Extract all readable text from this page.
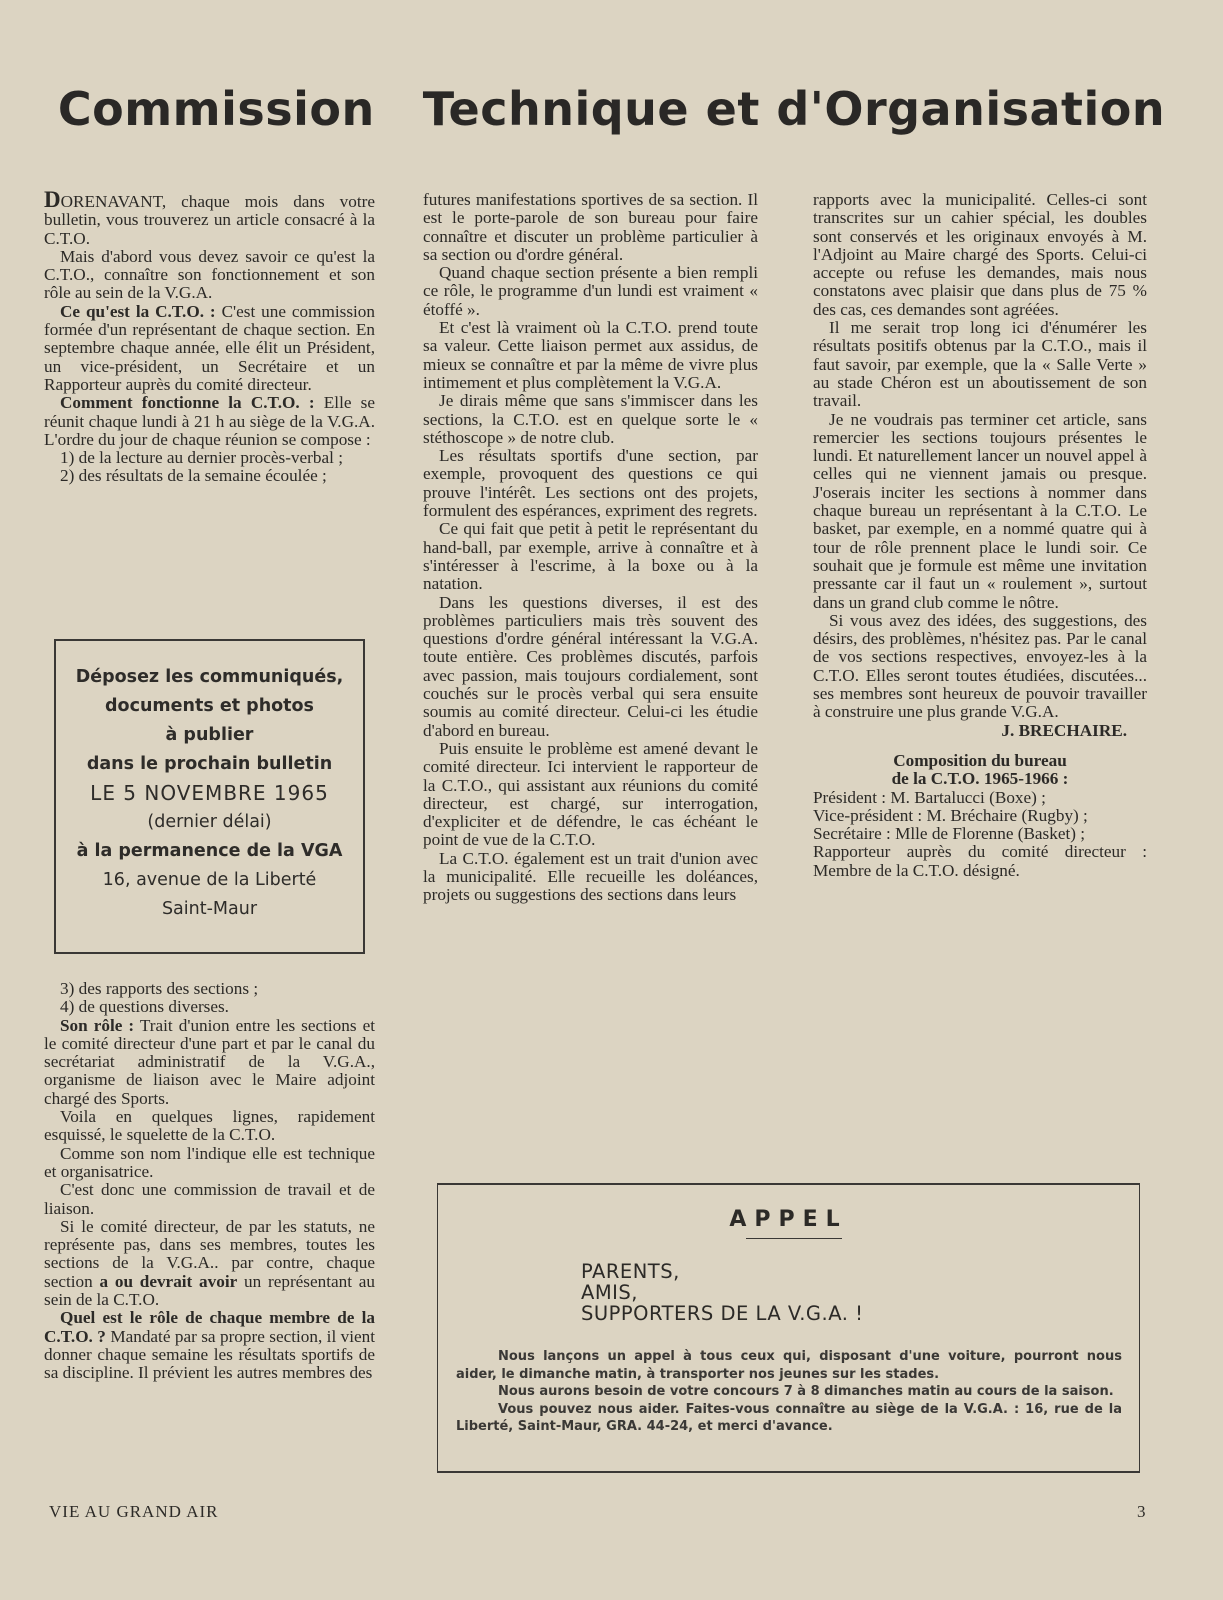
Commission Technique et d'Organisation

DORENAVANT, chaque mois dans votre bulletin, vous trouverez un article consacré à la C.T.O.

Mais d'abord vous devez savoir ce qu'est la C.T.O., connaître son fonctionnement et son rôle au sein de la V.G.A.

Ce qu'est la C.T.O. : C'est une commission formée d'un représentant de chaque section. En septembre chaque année, elle élit un Président, un vice-président, un Secrétaire et un Rapporteur auprès du comité directeur.

Comment fonctionne la C.T.O. : Elle se réunit chaque lundi à 21 h au siège de la V.G.A. L'ordre du jour de chaque réunion se compose :

1) de la lecture au dernier procès-verbal ;

2) des résultats de la semaine écoulée ;

Déposez les communiqués,
documents et photos
à publier
dans le prochain bulletin
LE 5 NOVEMBRE 1965
(dernier délai)
à la permanence de la VGA
16, avenue de la Liberté
Saint-Maur

3) des rapports des sections ;

4) de questions diverses.

Son rôle : Trait d'union entre les sections et le comité directeur d'une part et par le canal du secrétariat administratif de la V.G.A., organisme de liaison avec le Maire adjoint chargé des Sports.

Voila en quelques lignes, rapidement esquissé, le squelette de la C.T.O.

Comme son nom l'indique elle est technique et organisatrice.

C'est donc une commission de travail et de liaison.

Si le comité directeur, de par les statuts, ne représente pas, dans ses membres, toutes les sections de la V.G.A.. par contre, chaque section a ou devrait avoir un représentant au sein de la C.T.O.

Quel est le rôle de chaque membre de la C.T.O. ? Mandaté par sa propre section, il vient donner chaque semaine les résultats sportifs de sa discipline. Il prévient les autres membres des

futures manifestations sportives de sa section. Il est le porte-parole de son bureau pour faire connaître et discuter un problème particulier à sa section ou d'ordre général.

Quand chaque section présente a bien rempli ce rôle, le programme d'un lundi est vraiment « étoffé ».

Et c'est là vraiment où la C.T.O. prend toute sa valeur. Cette liaison permet aux assidus, de mieux se connaître et par la même de vivre plus intimement et plus complètement la V.G.A.

Je dirais même que sans s'immiscer dans les sections, la C.T.O. est en quelque sorte le « stéthoscope » de notre club.

Les résultats sportifs d'une section, par exemple, provoquent des questions ce qui prouve l'intérêt. Les sections ont des projets, formulent des espérances, expriment des regrets.

Ce qui fait que petit à petit le représentant du hand-ball, par exemple, arrive à connaître et à s'intéresser à l'escrime, à la boxe ou à la natation.

Dans les questions diverses, il est des problèmes particuliers mais très souvent des questions d'ordre général intéressant la V.G.A. toute entière. Ces problèmes discutés, parfois avec passion, mais toujours cordialement, sont couchés sur le procès verbal qui sera ensuite soumis au comité directeur. Celui-ci les étudie d'abord en bureau.

Puis ensuite le problème est amené devant le comité directeur. Ici intervient le rapporteur de la C.T.O., qui assistant aux réunions du comité directeur, est chargé, sur interrogation, d'expliciter et de défendre, le cas échéant le point de vue de la C.T.O.

La C.T.O. également est un trait d'union avec la municipalité. Elle recueille les doléances, projets ou suggestions des sections dans leurs

rapports avec la municipalité. Celles-ci sont transcrites sur un cahier spécial, les doubles sont conservés et les originaux envoyés à M. l'Adjoint au Maire chargé des Sports. Celui-ci accepte ou refuse les demandes, mais nous constatons avec plaisir que dans plus de 75 % des cas, ces demandes sont agréées.

Il me serait trop long ici d'énumérer les résultats positifs obtenus par la C.T.O., mais il faut savoir, par exemple, que la « Salle Verte » au stade Chéron est un aboutissement de son travail.

Je ne voudrais pas terminer cet article, sans remercier les sections toujours présentes le lundi. Et naturellement lancer un nouvel appel à celles qui ne viennent jamais ou presque. J'oserais inciter les sections à nommer dans chaque bureau un représentant à la C.T.O. Le basket, par exemple, en a nommé quatre qui à tour de rôle prennent place le lundi soir. Ce souhait que je formule est même une invitation pressante car il faut un « roulement », surtout dans un grand club comme le nôtre.

Si vous avez des idées, des suggestions, des désirs, des problèmes, n'hésitez pas. Par le canal de vos sections respectives, envoyez-les à la C.T.O. Elles seront toutes étudiées, discutées... ses membres sont heureux de pouvoir travailler à construire une plus grande V.G.A.

J. BRECHAIRE.

Composition du bureau
de la C.T.O. 1965-1966 :

Président : M. Bartalucci (Boxe) ;

Vice-président : M. Bréchaire (Rugby) ;

Secrétaire : Mlle de Florenne (Basket) ;

Rapporteur auprès du comité directeur : Membre de la C.T.O. désigné.

APPEL
PARENTS,
AMIS,
SUPPORTERS DE LA V.G.A. !

Nous lançons un appel à tous ceux qui, disposant d'une voiture, pourront nous aider, le dimanche matin, à transporter nos jeunes sur les stades.

Nous aurons besoin de votre concours 7 à 8 dimanches matin au cours de la saison.

Vous pouvez nous aider. Faites-vous connaître au siège de la V.G.A. : 16, rue de la Liberté, Saint-Maur, GRA. 44-24, et merci d'avance.

VIE AU GRAND AIR	3
